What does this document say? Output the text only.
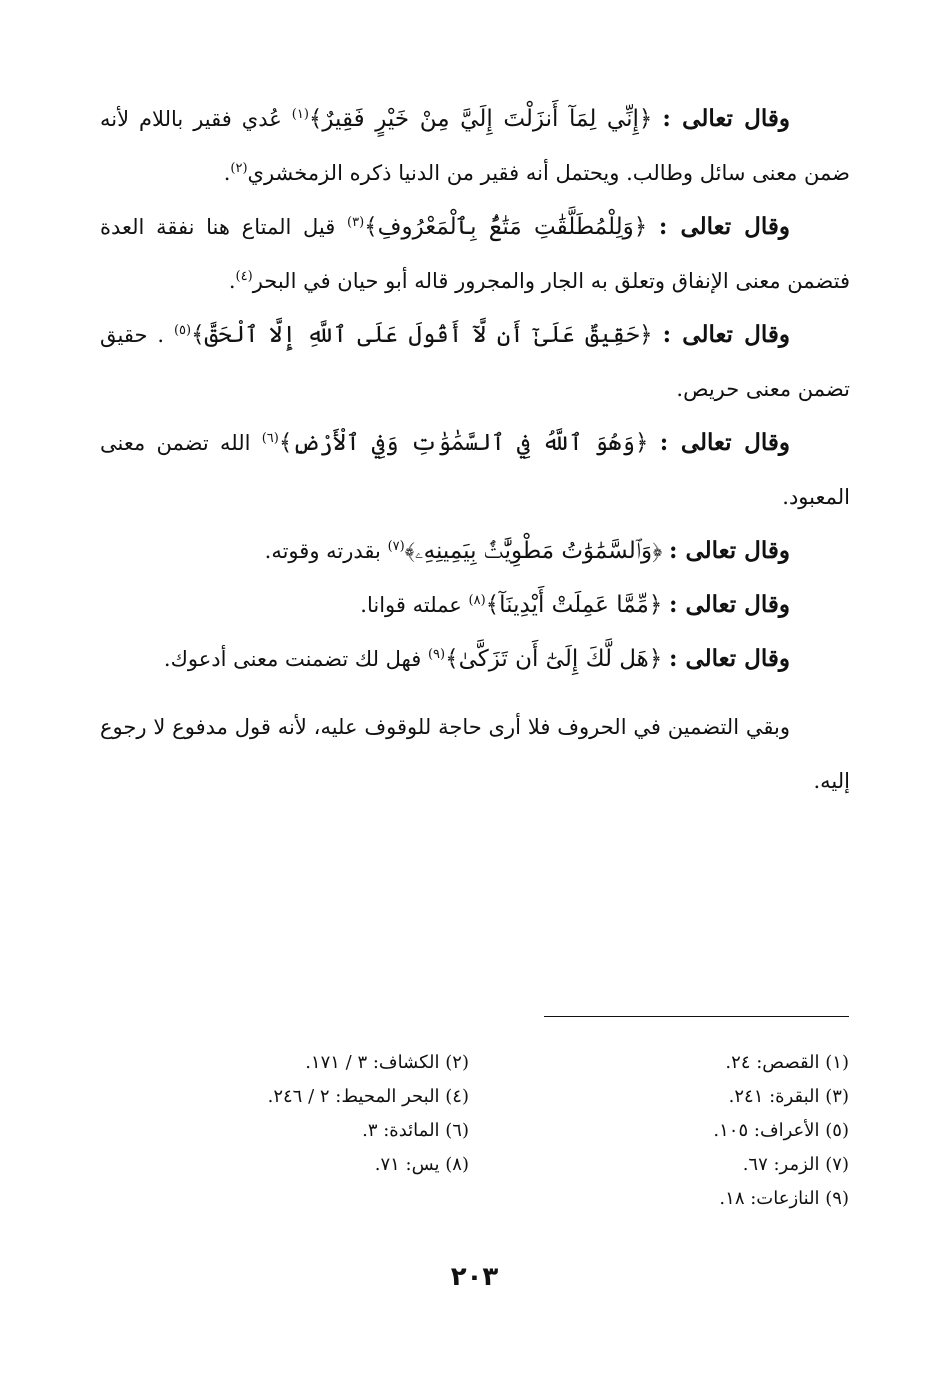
وقال تعالى : ﴿إِنِّي لِمَآ أَنزَلْتَ إِلَيَّ مِنْ خَيْرٍ فَقِيرٌ﴾$^{(١)}$ عُدي فقير باللام لأنه ضمن معنى سائل وطالب. ويحتمل أنه فقير من الدنيا ذكره الزمخشري$^{(٢)}$.

وقال تعالى : ﴿وَلِلْمُطَلَّقَٰتِ مَتَٰعٌۢ بِٱلْمَعْرُوفِ﴾$^{(٣)}$ قيل المتاع هنا نفقة العدة فتضمن معنى الإنفاق وتعلق به الجار والمجرور قاله أبو حيان في البحر$^{(٤)}$.

وقال تعالى : ﴿حَقِيقٌ عَلَىٰٓ أَن لَّآ أَقُولَ عَلَى ٱللَّهِ إِلَّا ٱلْحَقَّ﴾$^{(٥)}$ . حقيق تضمن معنى حريص.

وقال تعالى : ﴿وَهُوَ ٱللَّهُ فِي ٱلسَّمَٰوَٰتِ وَفِي ٱلْأَرْضِ﴾$^{(٦)}$ الله تضمن معنى المعبود.

وقال تعالى : ﴿وَٱلسَّمَٰوَٰتُ مَطْوِيَّٰتٌۢ بِيَمِينِهِۦ﴾$^{(٧)}$ بقدرته وقوته.

وقال تعالى : ﴿مِّمَّا عَمِلَتْ أَيْدِينَآ﴾$^{(٨)}$ عملته قوانا.

وقال تعالى : ﴿هَل لَّكَ إِلَىٰٓ أَن تَزَكَّىٰ﴾$^{(٩)}$ فهل لك تضمنت معنى أدعوك.

وبقي التضمين في الحروف فلا أرى حاجة للوقوف عليه، لأنه قول مدفوع لا رجوع إليه.

(١) القصص: ٢٤.
(٢) الكشاف: ٣ / ١٧١.
(٣) البقرة: ٢٤١.
(٤) البحر المحيط: ٢ / ٢٤٦.
(٥) الأعراف: ١٠٥.
(٦) المائدة: ٣.
(٧) الزمر: ٦٧.
(٨) يس: ٧١.
(٩) النازعات: ١٨.
٢٠٣
